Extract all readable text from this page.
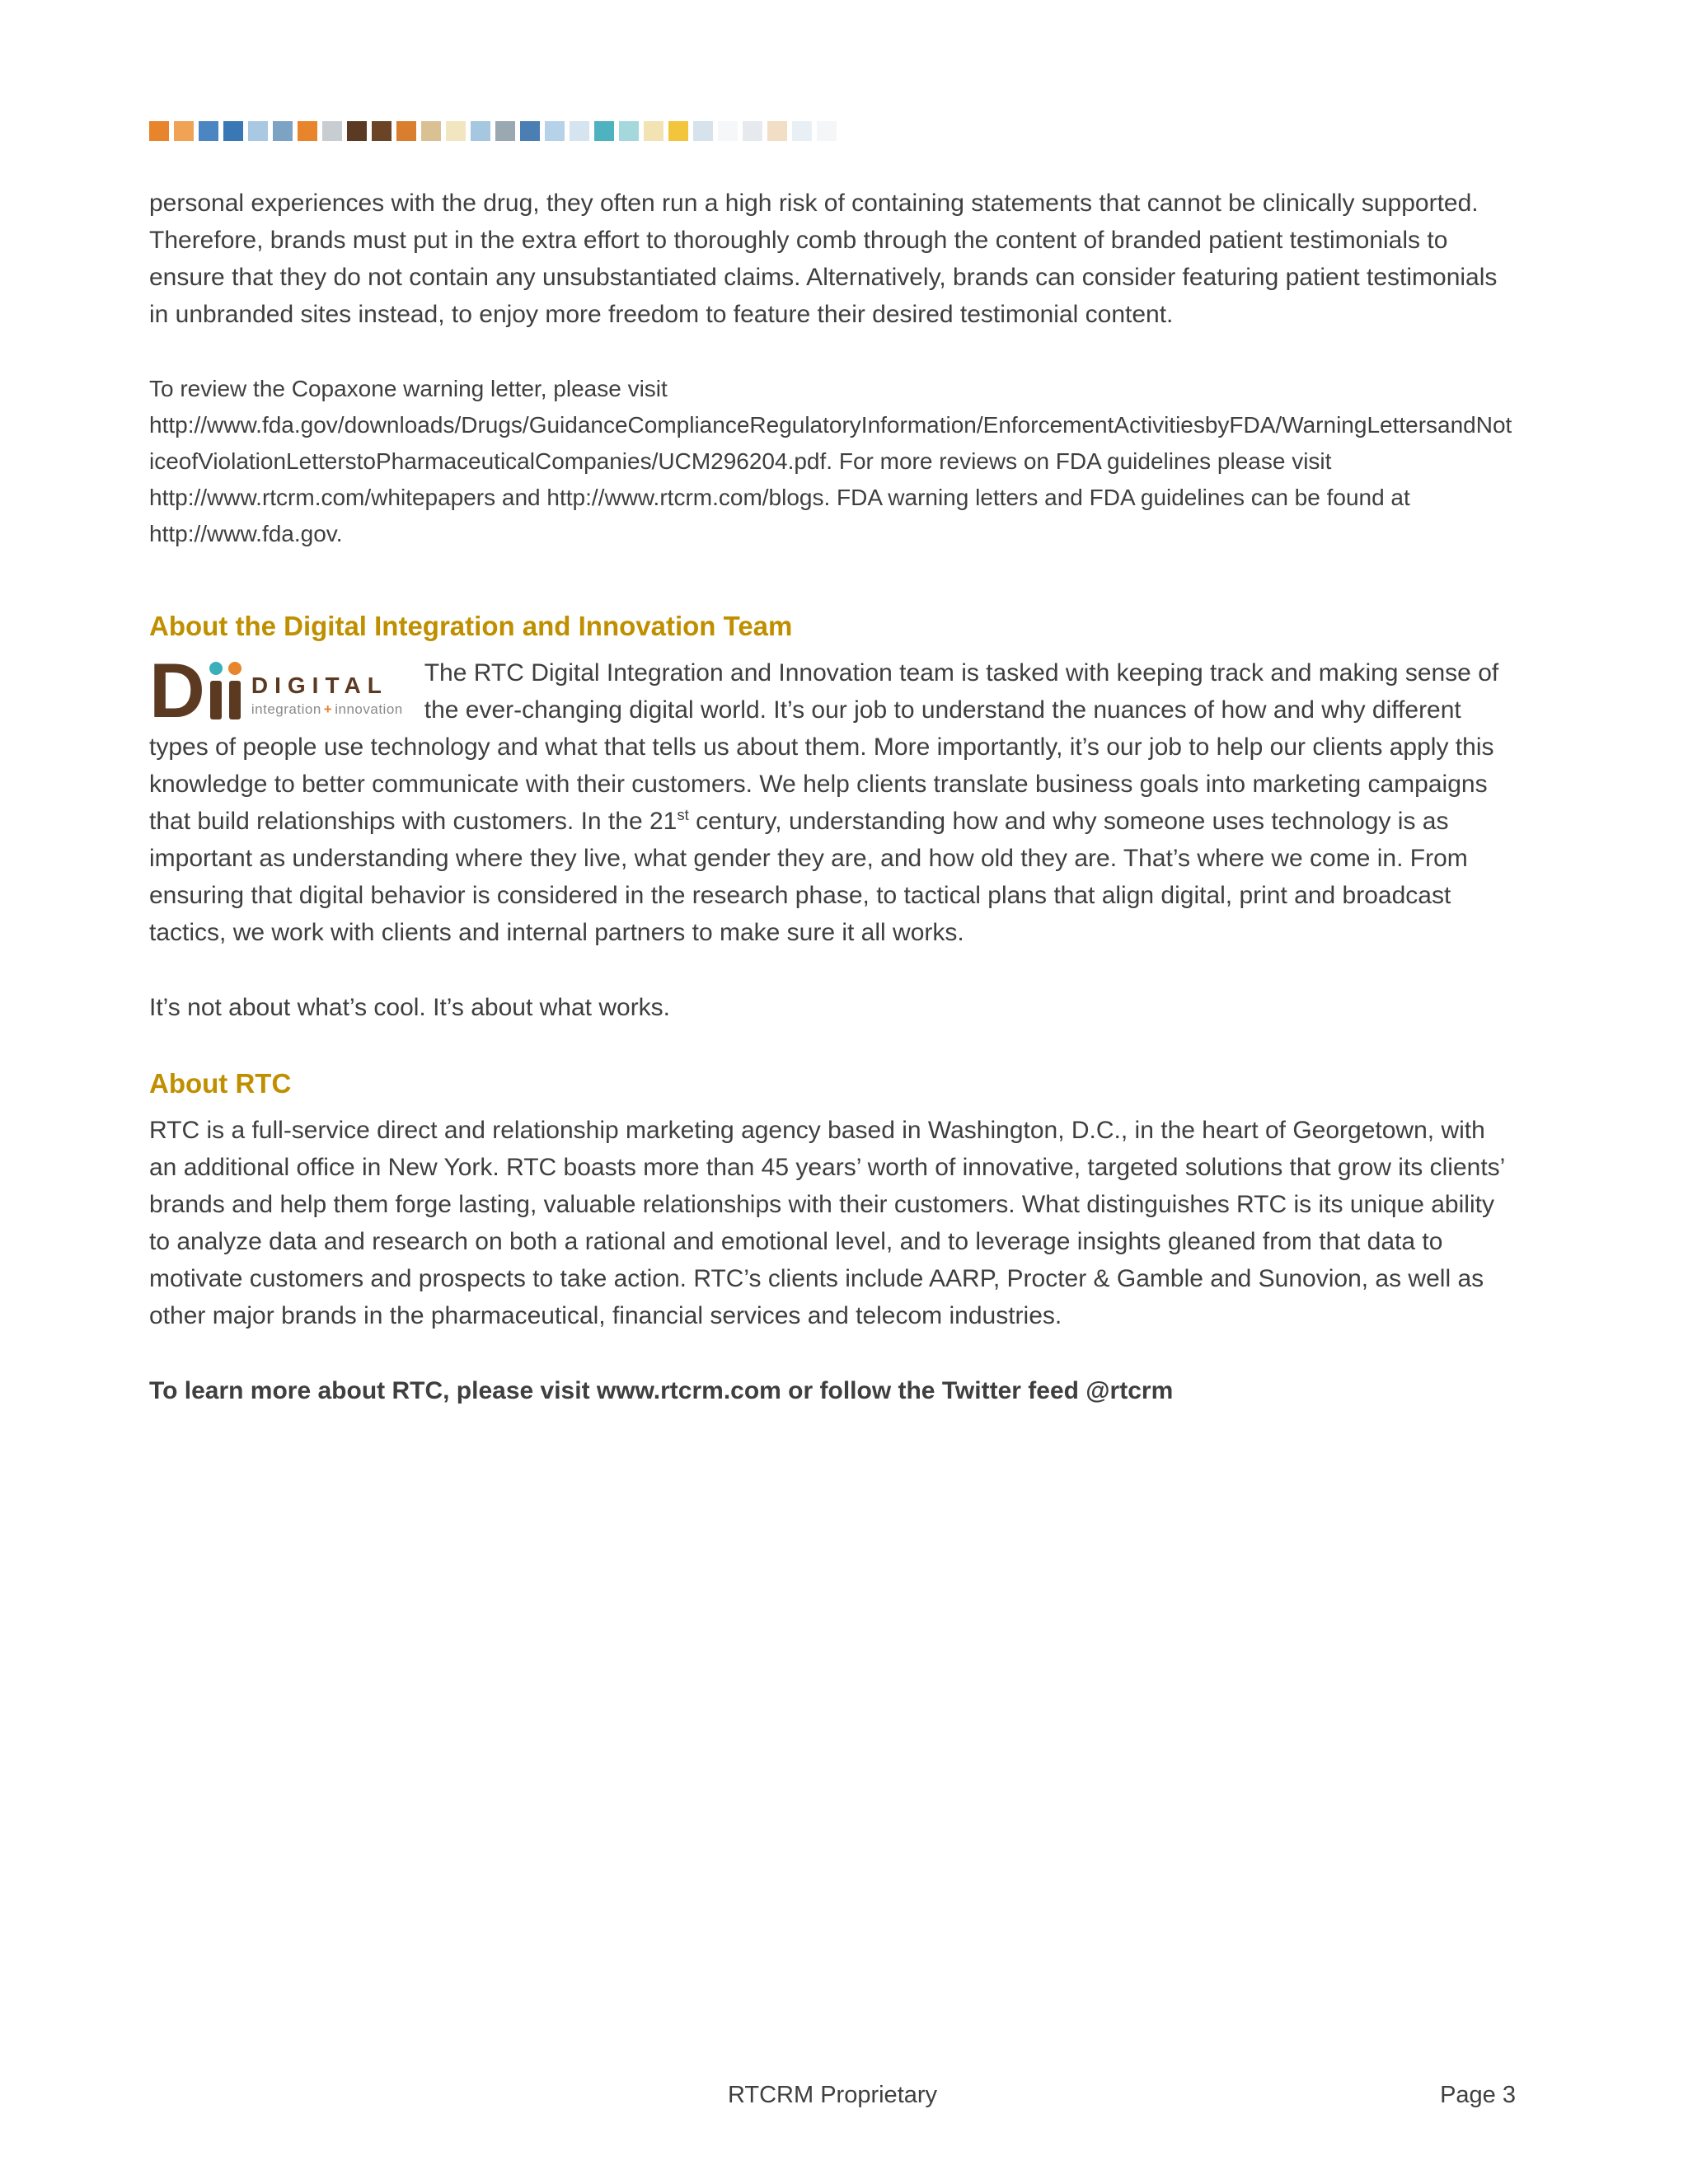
personal experiences with the drug, they often run a high risk of containing statements that cannot be clinically supported. Therefore, brands must put in the extra effort to thoroughly comb through the content of branded patient testimonials to ensure that they do not contain any unsubstantiated claims. Alternatively, brands can consider featuring patient testimonials in unbranded sites instead, to enjoy more freedom to feature their desired testimonial content.

To review the Copaxone warning letter, please visit http://www.fda.gov/downloads/Drugs/GuidanceComplianceRegulatoryInformation/EnforcementActivitiesbyFDA/WarningLettersandNoticeofViolationLetterstoPharmaceuticalCompanies/UCM296204.pdf. For more reviews on FDA guidelines please visit http://www.rtcrm.com/whitepapers and http://www.rtcrm.com/blogs. FDA warning letters and FDA guidelines can be found at http://www.fda.gov.

About the Digital Integration and Innovation Team
D DIGITAL
integration + innovation

The RTC Digital Integration and Innovation team is tasked with keeping track and making sense of the ever-changing digital world. It’s our job to understand the nuances of how and why different types of people use technology and what that tells us about them. More importantly, it’s our job to help our clients apply this knowledge to better communicate with their customers. We help clients translate business goals into marketing campaigns that build relationships with customers. In the 21st century, understanding how and why someone uses technology is as important as understanding where they live, what gender they are, and how old they are. That’s where we come in. From ensuring that digital behavior is considered in the research phase, to tactical plans that align digital, print and broadcast tactics, we work with clients and internal partners to make sure it all works.

It’s not about what’s cool. It’s about what works.

About RTC

RTC is a full-service direct and relationship marketing agency based in Washington, D.C., in the heart of Georgetown, with an additional office in New York. RTC boasts more than 45 years’ worth of innovative, targeted solutions that grow its clients’ brands and help them forge lasting, valuable relationships with their customers. What distinguishes RTC is its unique ability to analyze data and research on both a rational and emotional level, and to leverage insights gleaned from that data to motivate customers and prospects to take action. RTC’s clients include AARP, Procter & Gamble and Sunovion, as well as other major brands in the pharmaceutical, financial services and telecom industries.

To learn more about RTC, please visit www.rtcrm.com or follow the Twitter feed @rtcrm

RTCRM Proprietary	Page 3
